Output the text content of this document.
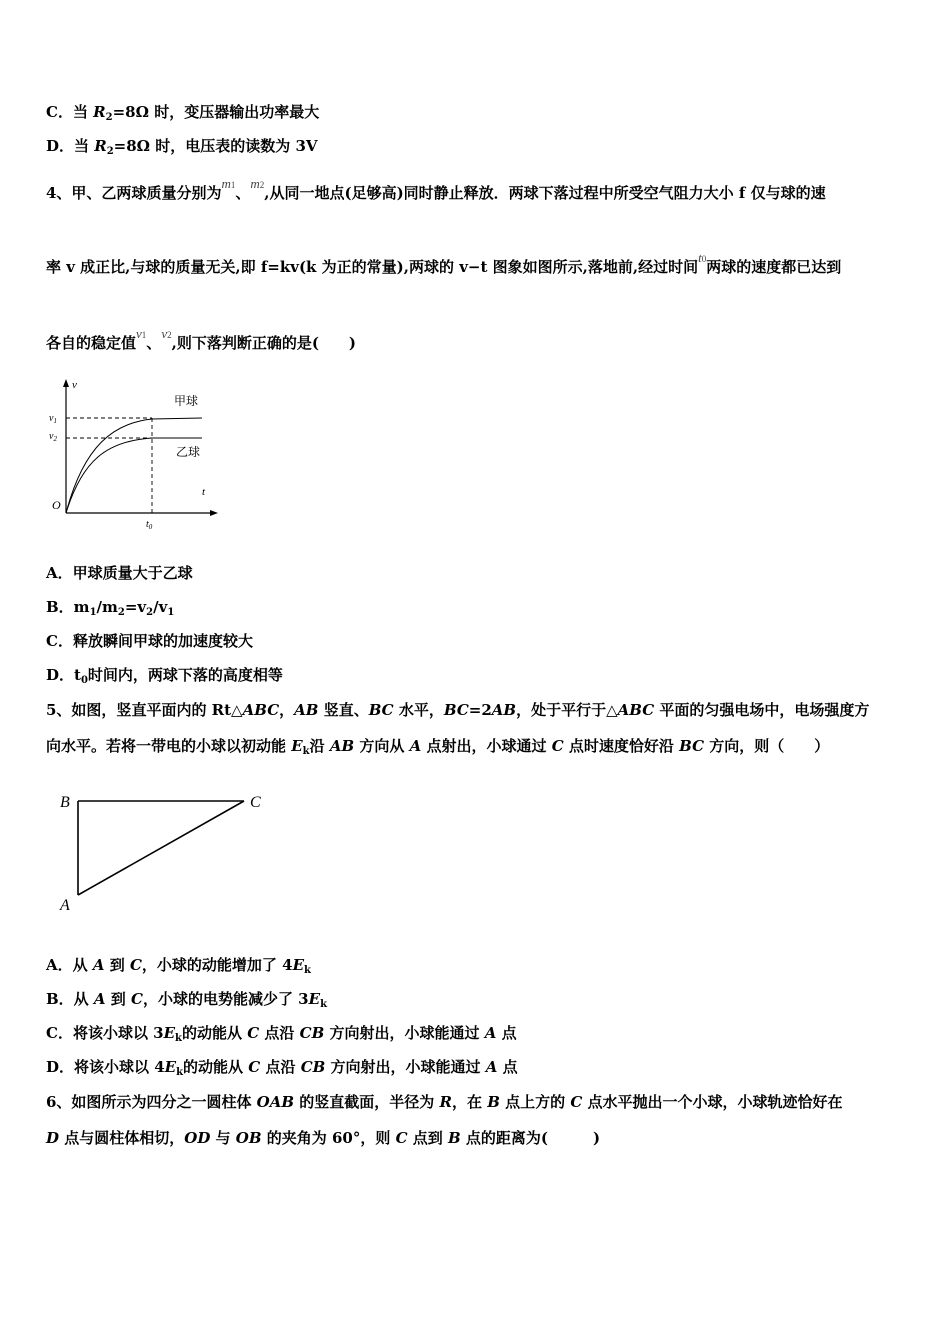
C．当 $R_2=8\Omega$ 时，变压器输出功率最大
D．当 $R_2=8\Omega$ 时，电压表的读数为 3V
4、甲、乙两球质量分别为m1、m2,从同一地点(足够高)同时静止释放．两球下落过程中所受空气阻力大小 f 仅与球的速
率 v 成正比,与球的质量无关,即 f=kv(k 为正的常量),两球的 v−t 图象如图所示,落地前,经过时间t0两球的速度都已达到
各自的稳定值v1、v2,则下落判断正确的是(　　)
v
t
O
$v_1$
$v_2$
$t_0$
甲球
乙球
A．甲球质量大于乙球
B．$m_1/m_2=v_2/v_1$
C．释放瞬间甲球的加速度较大
D．$t_0$时间内，两球下落的高度相等
5、如图，竖直平面内的 Rt△ABC，AB 竖直、BC 水平，BC=2AB，处于平行于△ABC 平面的匀强电场中，电场强度方
向水平。若将一带电的小球以初动能 $E_k$沿 AB 方向从 A 点射出，小球通过 C 点时速度恰好沿 BC 方向，则（　　）
B	C
A
A．从 A 到 C，小球的动能增加了 $4E_k$
B．从 A 到 C，小球的电势能减少了 $3E_k$
C．将该小球以 $3E_k$的动能从 C 点沿 CB 方向射出，小球能通过 A 点
D．将该小球以 $4E_k$的动能从 C 点沿 CB 方向射出，小球能通过 A 点
6、如图所示为四分之一圆柱体 OAB 的竖直截面，半径为 R，在 B 点上方的 C 点水平抛出一个小球，小球轨迹恰好在
D 点与圆柱体相切，OD 与 OB 的夹角为 60°，则 C 点到 B 点的距离为(　　　)
